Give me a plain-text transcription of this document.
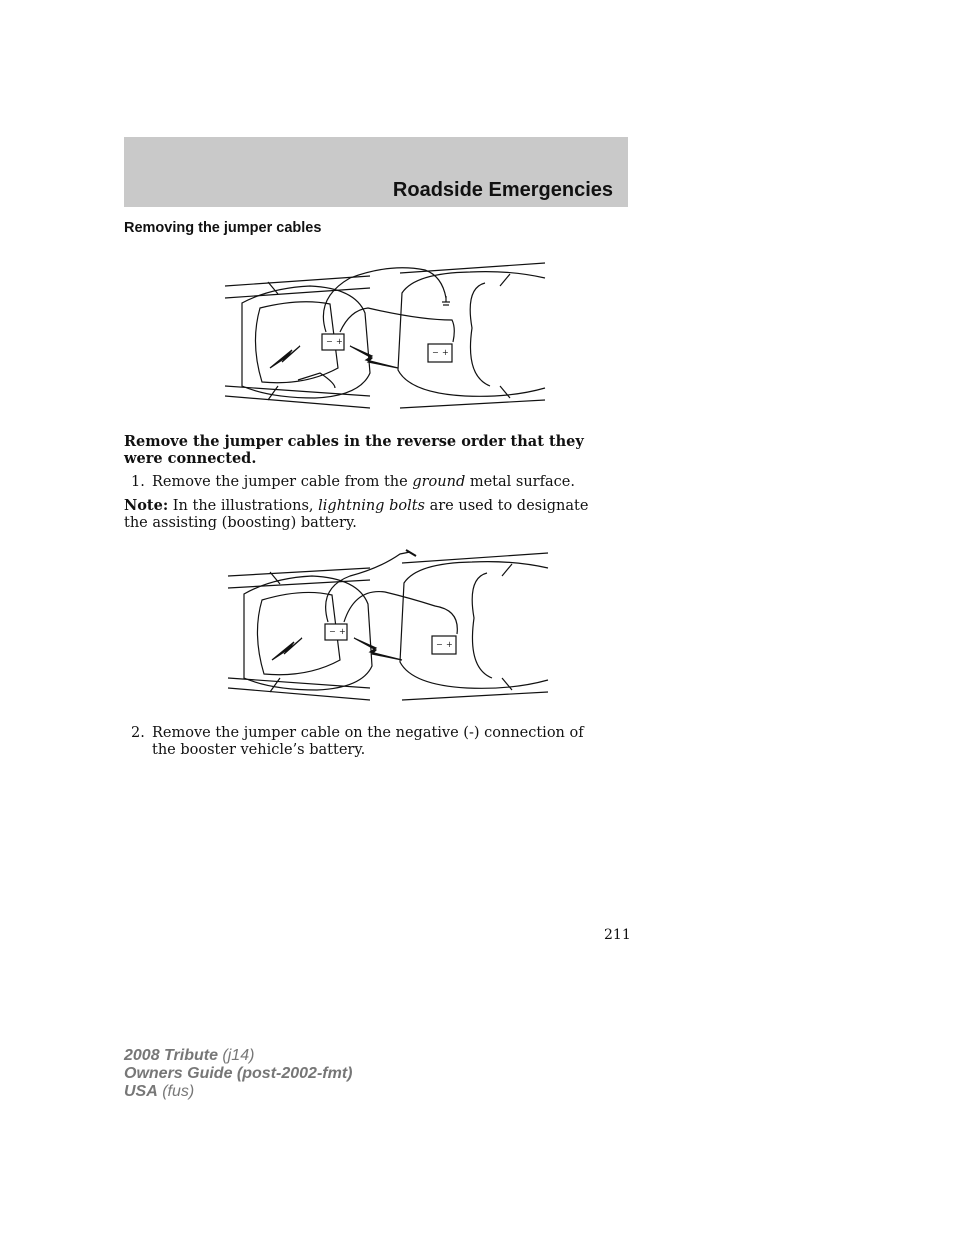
Roadside Emergencies
Removing the jumper cables
− +
− +
Remove the jumper cables in the reverse order that they were connected.
1. Remove the jumper cable from the ground metal surface.
Note: In the illustrations, lightning bolts are used to designate the assisting (boosting) battery.
− +
− +
2. Remove the jumper cable on the negative (-) connection of the booster vehicle’s battery.
211
2008 Tribute (j14)
Owners Guide (post-2002-fmt)
USA (fus)
